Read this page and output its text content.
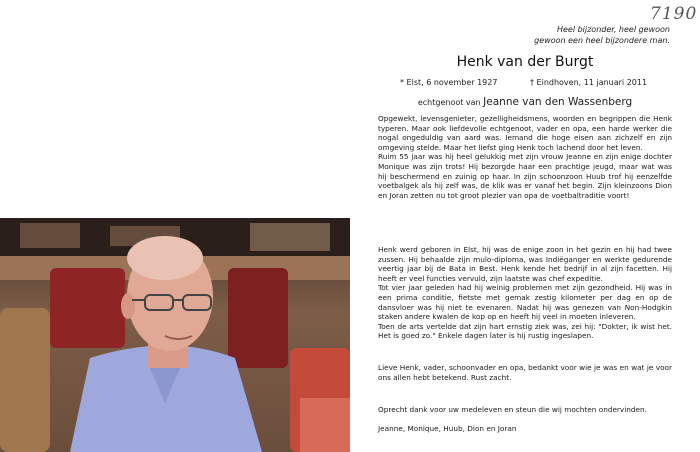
7190
Heel bijzonder, heel gewoon
gewoon een heel bijzondere man.
Henk van der Burgt
* Elst, 6 november 1927	† Eindhoven, 11 januari 2011
echtgenoot van Jeanne van den Wassenberg

Opgewekt, levensgenieter, gezelligheidsmens, woorden en begrippen die Henk typeren. Maar ook liefdevolle echtgenoot, vader en opa, een harde werker die nogal ongeduldig van aard was. Iemand die hoge eisen aan zichzelf en zijn omgeving stelde. Maar het liefst ging Henk toch lachend door het leven.

Ruim 55 jaar was hij heel gelukkig met zijn vrouw Jeanne en zijn enige dochter Monique was zijn trots! Hij bezorgde haar een prachtige jeugd, maar wat was hij beschermend en zuinig op haar. In zijn schoonzoon Huub trof hij eenzelfde voetbalgek als hij zelf was, de klik was er vanaf het begin. Zijn kleinzoons Dion en Joran zetten nu tot groot plezier van opa de voetbaltraditie voort!

Henk werd geboren in Elst, hij was de enige zoon in het gezin en hij had twee zussen. Hij behaalde zijn mulo-diploma, was Indiëganger en werkte gedurende veertig jaar bij de Bata in Best. Henk kende het bedrijf in al zijn facetten. Hij heeft er veel functies vervuld, zijn laatste was chef expeditie.

Tot vier jaar geleden had hij weinig problemen met zijn gezondheid. Hij was in een prima conditie, fietste met gemak zestig kilometer per dag en op de dansvloer was hij niet te evenaren. Nadat hij was genezen van Non-Hodgkin staken andere kwalen de kop op en heeft hij veel in moeten inleveren.

Toen de arts vertelde dat zijn hart ernstig ziek was, zei hij: "Dokter, ik wist het. Het is goed zo." Enkele dagen later is hij rustig ingeslapen.

Lieve Henk, vader, schoonvader en opa, bedankt voor wie je was en wat je voor ons allen hebt betekend. Rust zacht.

Oprecht dank voor uw medeleven en steun die wij mochten ondervinden.

Jeanne, Monique, Huub, Dion en Joran
